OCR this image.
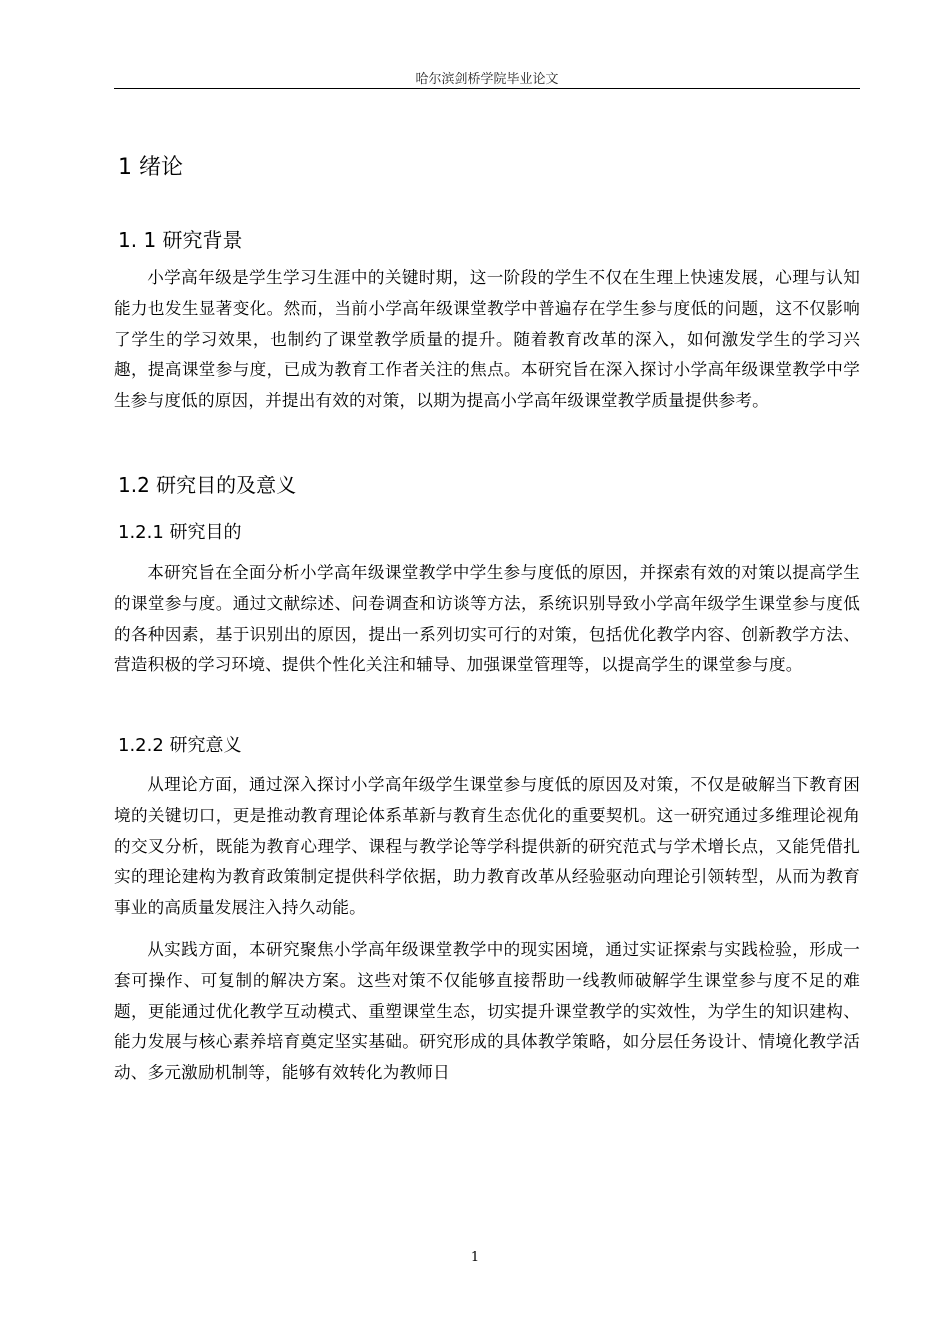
哈尔滨剑桥学院毕业论文
1 绪论
1. 1 研究背景

小学高年级是学生学习生涯中的关键时期，这一阶段的学生不仅在生理上快速发展，心理与认知能力也发生显著变化。然而，当前小学高年级课堂教学中普遍存在学生参与度低的问题，这不仅影响了学生的学习效果，也制约了课堂教学质量的提升。随着教育改革的深入，如何激发学生的学习兴趣，提高课堂参与度，已成为教育工作者关注的焦点。本研究旨在深入探讨小学高年级课堂教学中学生参与度低的原因，并提出有效的对策，以期为提高小学高年级课堂教学质量提供参考。

1.2 研究目的及意义
1.2.1 研究目的

本研究旨在全面分析小学高年级课堂教学中学生参与度低的原因，并探索有效的对策以提高学生的课堂参与度。通过文献综述、问卷调查和访谈等方法，系统识别导致小学高年级学生课堂参与度低的各种因素，基于识别出的原因，提出一系列切实可行的对策，包括优化教学内容、创新教学方法、营造积极的学习环境、提供个性化关注和辅导、加强课堂管理等，以提高学生的课堂参与度。

1.2.2 研究意义

从理论方面，通过深入探讨小学高年级学生课堂参与度低的原因及对策，不仅是破解当下教育困境的关键切口，更是推动教育理论体系革新与教育生态优化的重要契机。这一研究通过多维理论视角的交叉分析，既能为教育心理学、课程与教学论等学科提供新的研究范式与学术增长点，又能凭借扎实的理论建构为教育政策制定提供科学依据，助力教育改革从经验驱动向理论引领转型，从而为教育事业的高质量发展注入持久动能。

从实践方面，本研究聚焦小学高年级课堂教学中的现实困境，通过实证探索与实践检验，形成一套可操作、可复制的解决方案。这些对策不仅能够直接帮助一线教师破解学生课堂参与度不足的难题，更能通过优化教学互动模式、重塑课堂生态，切实提升课堂教学的实效性，为学生的知识建构、能力发展与核心素养培育奠定坚实基础。研究形成的具体教学策略，如分层任务设计、情境化教学活动、多元激励机制等，能够有效转化为教师日

1
